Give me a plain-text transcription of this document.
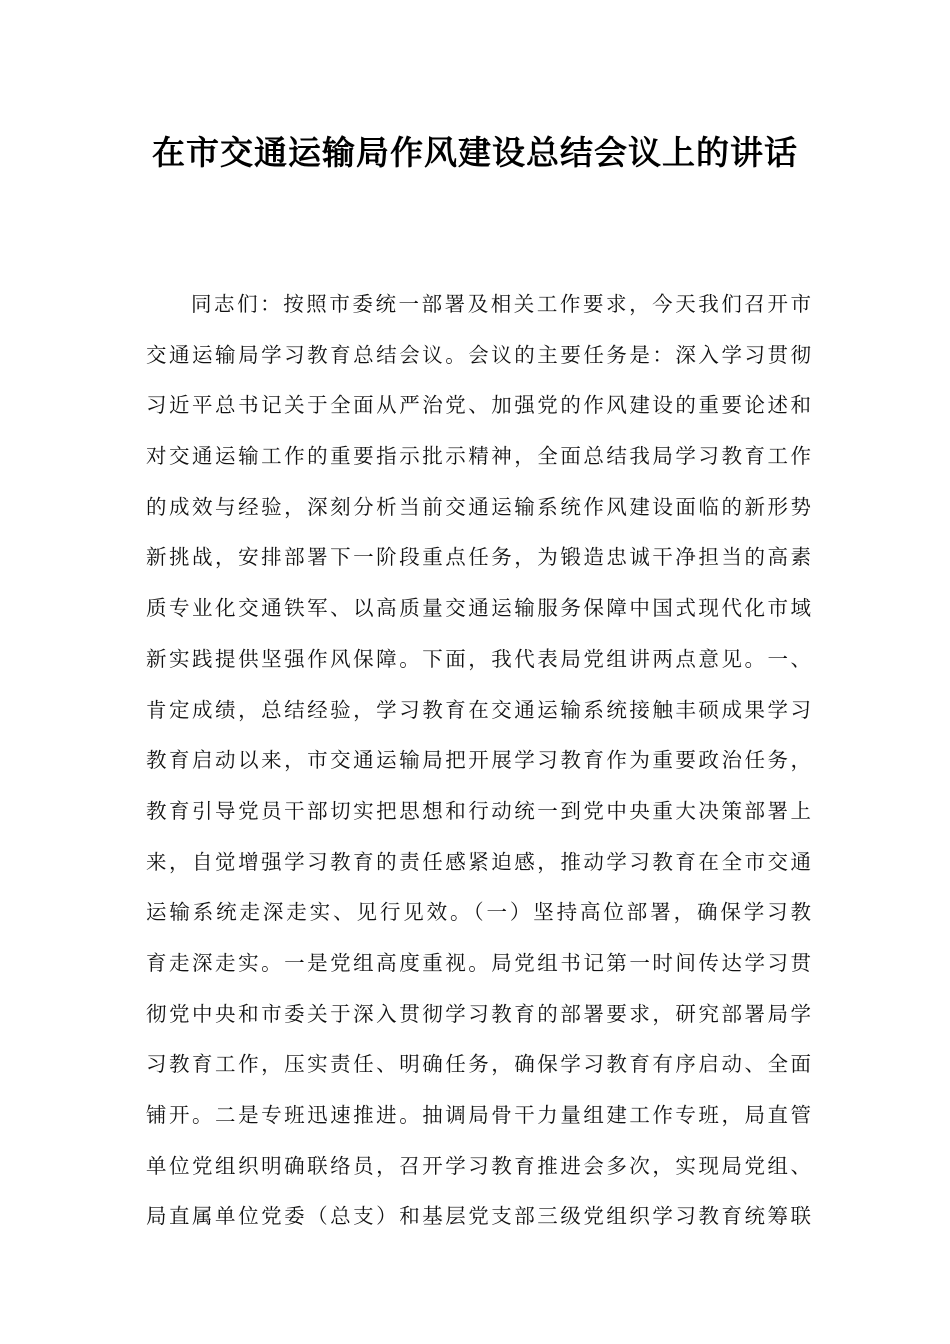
在市交通运输局作风建设总结会议上的讲话
同志们：按照市委统一部署及相关工作要求，今天我们召开市
交通运输局学习教育总结会议。会议的主要任务是：深入学习贯彻
习近平总书记关于全面从严治党、加强党的作风建设的重要论述和
对交通运输工作的重要指示批示精神，全面总结我局学习教育工作
的成效与经验，深刻分析当前交通运输系统作风建设面临的新形势
新挑战，安排部署下一阶段重点任务，为锻造忠诚干净担当的高素
质专业化交通铁军、以高质量交通运输服务保障中国式现代化市域
新实践提供坚强作风保障。下面，我代表局党组讲两点意见。一、
肯定成绩，总结经验，学习教育在交通运输系统接触丰硕成果学习
教育启动以来，市交通运输局把开展学习教育作为重要政治任务，
教育引导党员干部切实把思想和行动统一到党中央重大决策部署上
来，自觉增强学习教育的责任感紧迫感，推动学习教育在全市交通
运输系统走深走实、见行见效。（一）坚持高位部署，确保学习教
育走深走实。一是党组高度重视。局党组书记第一时间传达学习贯
彻党中央和市委关于深入贯彻学习教育的部署要求，研究部署局学
习教育工作，压实责任、明确任务，确保学习教育有序启动、全面
铺开。二是专班迅速推进。抽调局骨干力量组建工作专班，局直管
单位党组织明确联络员，召开学习教育推进会多次，实现局党组、
局直属单位党委（总支）和基层党支部三级党组织学习教育统筹联
